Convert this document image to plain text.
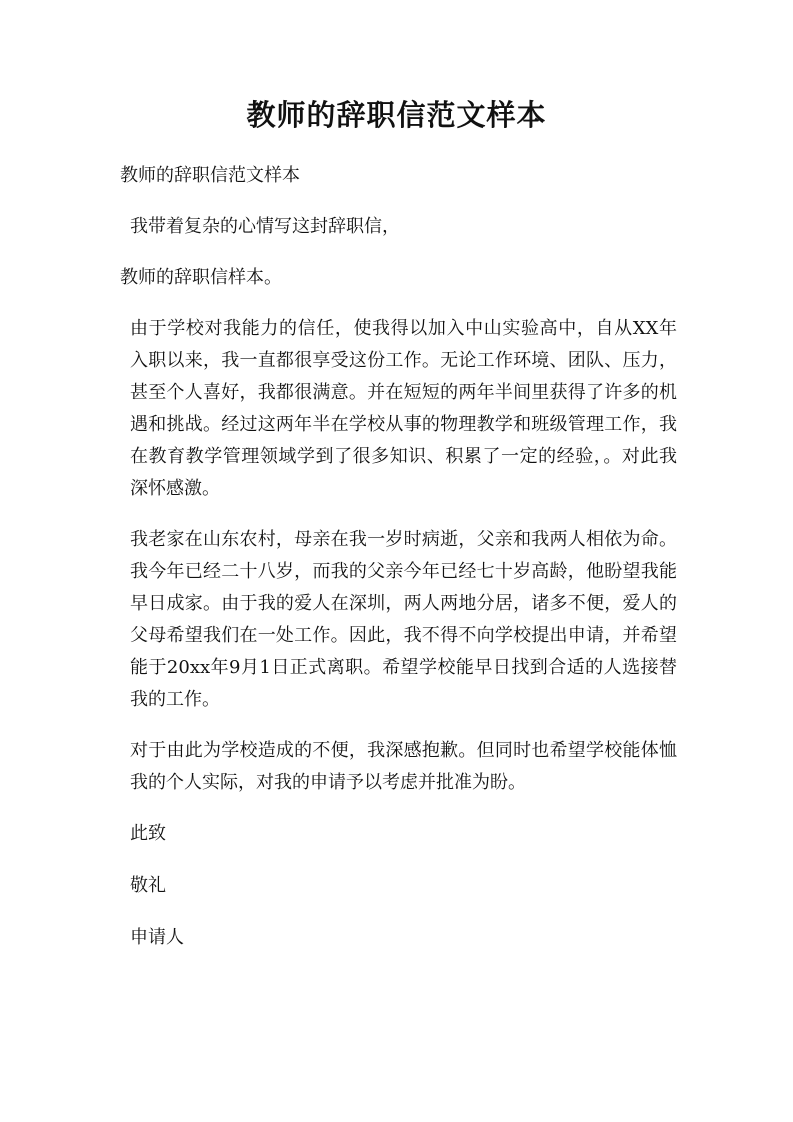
教师的辞职信范文样本

教师的辞职信范文样本

我带着复杂的心情写这封辞职信，

教师的辞职信样本。

由于学校对我能力的信任，使我得以加入中山实验高中，自从XX年入职以来，我一直都很享受这份工作。无论工作环境、团队、压力，甚至个人喜好，我都很满意。并在短短的两年半间里获得了许多的机遇和挑战。经过这两年半在学校从事的物理教学和班级管理工作，我在教育教学管理领域学到了很多知识、积累了一定的经验，。对此我深怀感激。

我老家在山东农村，母亲在我一岁时病逝，父亲和我两人相依为命。我今年已经二十八岁，而我的父亲今年已经七十岁高龄，他盼望我能早日成家。由于我的爱人在深圳，两人两地分居，诸多不便，爱人的父母希望我们在一处工作。因此，我不得不向学校提出申请，并希望能于20xx年9月1日正式离职。希望学校能早日找到合适的人选接替我的工作。

对于由此为学校造成的不便，我深感抱歉。但同时也希望学校能体恤我的个人实际，对我的申请予以考虑并批准为盼。

此致

敬礼

申请人
